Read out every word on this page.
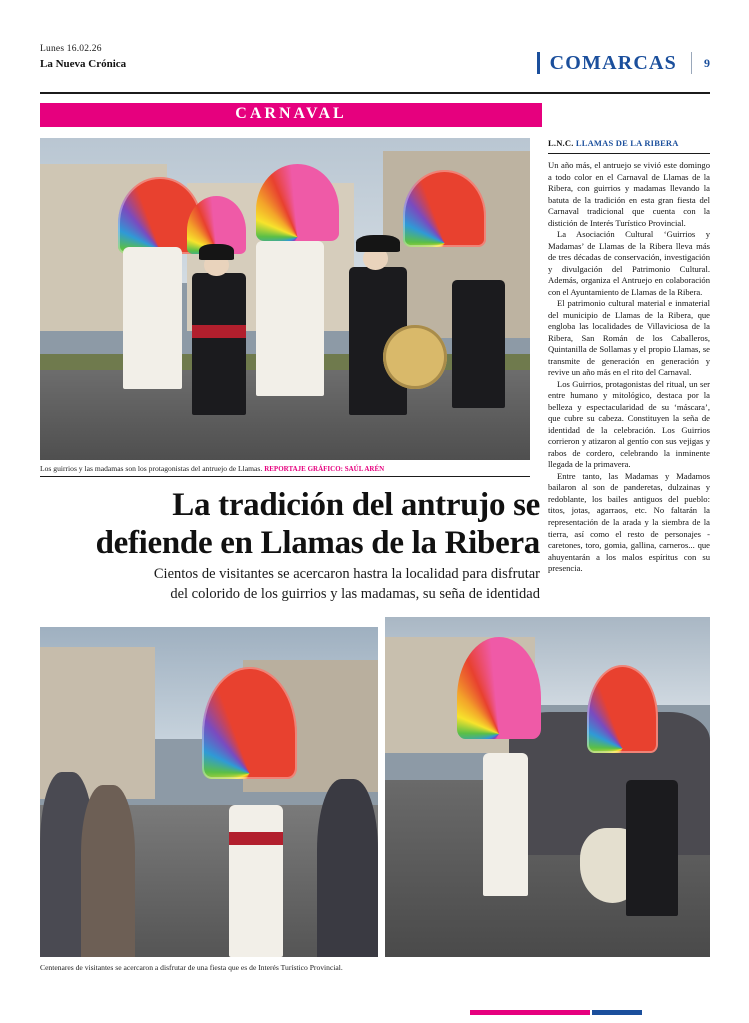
Lunes 16.02.26
La Nueva Crónica	COMARCAS 9
CARNAVAL
Los guirrios y las madamas son los protagonistas del antruejo de Llamas. REPORTAJE GRÁFICO: SAÚL ARÉN
La tradición del antrujo se
defiende en Llamas de la Ribera
Cientos de visitantes se acercaron hastra la localidad para disfrutar
del colorido de los guirrios y las madamas, su seña de identidad
Centenares de visitantes se acercaron a disfrutar de una fiesta que es de Interés Turístico Provincial.
L.N.C. LLAMAS DE LA RIBERA

Un año más, el antruejo se vivió este domingo a todo color en el Carnaval de Llamas de la Ribera, con guirrios y madamas llevando la batuta de la tradición en esta gran fiesta del Carnaval tradicional que cuenta con la distición de Interés Turístico Provincial.

La Asociación Cultural ‘Guirrios y Madamas’ de Llamas de la Ribera lleva más de tres décadas de conservación, investigación y divulgación del Patrimonio Cultural. Además, organiza el Antruejo en colaboración con el Ayuntamiento de Llamas de la Ribera.

El patrimonio cultural material e inmaterial del municipio de Llamas de la Ribera, que engloba las localidades de Villaviciosa de la Ribera, San Román de los Caballeros, Quintanilla de Sollamas y el propio Llamas, se transmite de generación en generación y revive un año más en el rito del Carnaval.

Los Guirrios, protagonistas del ritual, un ser entre humano y mitológico, destaca por la belleza y espectacularidad de su ‘máscara’, que cubre su cabeza. Constituyen la seña de identidad de la celebración. Los Guirrios corrieron y atizaron al gentío con sus vejigas y rabos de cordero, celebrando la inminente llegada de la primavera.

Entre tanto, las Madamas y Madamos bailaron al son de panderetas, dulzainas y redoblante, los bailes antiguos del pueblo: titos, jotas, agarraos, etc. No faltarán la representación de la arada y la siembra de la tierra, así como el resto de personajes -caretones, toro, gomia, gallina, carneros... que ahuyentarán a los malos espíritus con su presencia.
